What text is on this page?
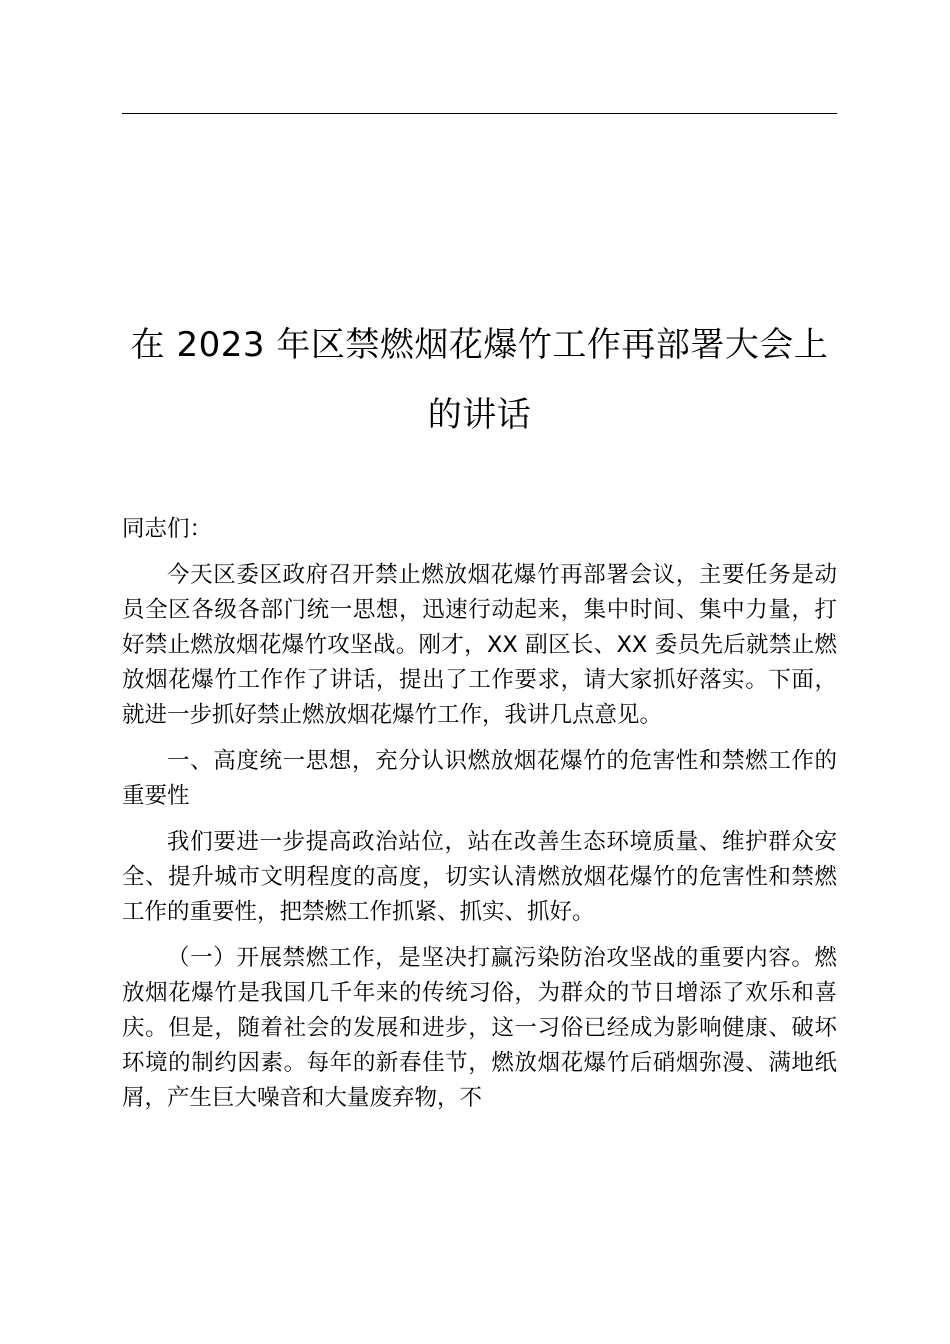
在 2023 年区禁燃烟花爆竹工作再部署大会上
的讲话

同志们：

今天区委区政府召开禁止燃放烟花爆竹再部署会议，主要任务是动员全区各级各部门统一思想，迅速行动起来，集中时间、集中力量，打好禁止燃放烟花爆竹攻坚战。刚才，XX 副区长、XX 委员先后就禁止燃放烟花爆竹工作作了讲话，提出了工作要求，请大家抓好落实。下面，就进一步抓好禁止燃放烟花爆竹工作，我讲几点意见。

一、高度统一思想，充分认识燃放烟花爆竹的危害性和禁燃工作的重要性

我们要进一步提高政治站位，站在改善生态环境质量、维护群众安全、提升城市文明程度的高度，切实认清燃放烟花爆竹的危害性和禁燃工作的重要性，把禁燃工作抓紧、抓实、抓好。

（一）开展禁燃工作，是坚决打赢污染防治攻坚战的重要内容。燃放烟花爆竹是我国几千年来的传统习俗，为群众的节日增添了欢乐和喜庆。但是，随着社会的发展和进步，这一习俗已经成为影响健康、破坏环境的制约因素。每年的新春佳节，燃放烟花爆竹后硝烟弥漫、满地纸屑，产生巨大噪音和大量废弃物，不
